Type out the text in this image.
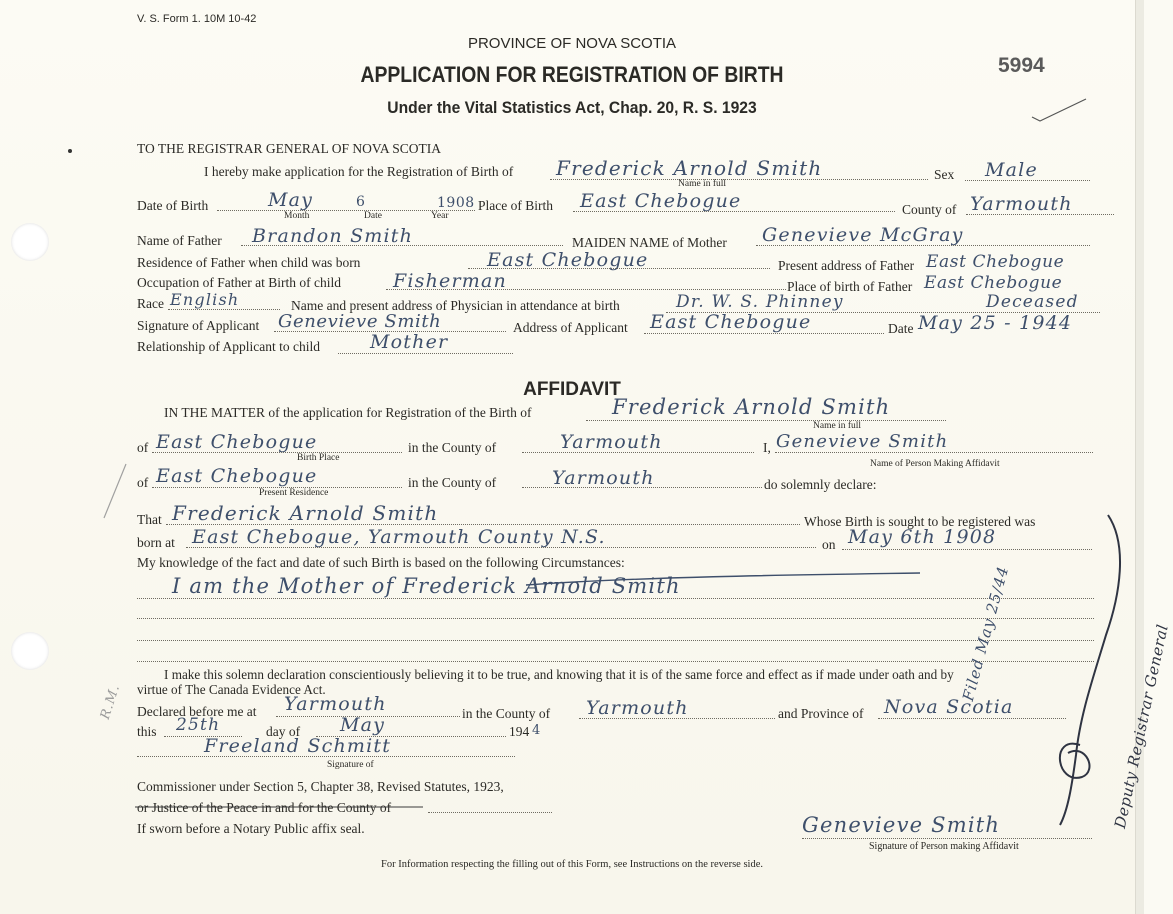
V. S. Form 1. 10M 10-42
PROVINCE OF NOVA SCOTIA
APPLICATION FOR REGISTRATION OF BIRTH
Under the Vital Statistics Act, Chap. 20, R. S. 1923
5994
TO THE REGISTRAR GENERAL OF NOVA SCOTIA
I hereby make application for the Registration of Birth of Frederick Arnold Smith
Name in full
Sex Male
Date of Birth	May	6	1908
Month	Date	Year
Place of Birth East Chebogue	County of Yarmouth
Name of Father Brandon Smith	MAIDEN NAME of Mother Genevieve McGray
Residence of Father when child was born	East Chebogue	Present address of Father East Chebogue
Occupation of Father at Birth of child	Fisherman	Place of birth of Father East Chebogue
Race English	Name and present address of Physician in attendance at birth	Dr. W. S. Phinney	Deceased
Signature of Applicant Genevieve Smith	Address of Applicant East Chebogue	Date May 25 - 1944
Relationship of Applicant to child	Mother
AFFIDAVIT
IN THE MATTER of the application for Registration of the Birth of	Frederick Arnold Smith
Name in full
of East Chebogue
Birth Place
in the County of	Yarmouth	I, Genevieve Smith
Name of Person Making Affidavit
of East Chebogue
Present Residence
in the County of	Yarmouth	do solemnly declare:
That Frederick Arnold Smith	Whose Birth is sought to be registered was
born at East Chebogue, Yarmouth County N.S.	on May 6th 1908
My knowledge of the fact and date of such Birth is based on the following Circumstances:
I am the Mother of Frederick Arnold Smith
I make this solemn declaration conscientiously believing it to be true, and knowing that it is of the same force and effect as if made under oath and by
virtue of The Canada Evidence Act.
Declared before me at Yarmouth	in the County of Yarmouth	and Province of Nova Scotia
this 25th	day of May	194 4
Freeland Schmitt
Signature of
Commissioner under Section 5, Chapter 38, Revised Statutes, 1923,
or Justice of the Peace in and for the County of
If sworn before a Notary Public affix seal.	Genevieve Smith
Signature of Person making Affidavit
For Information respecting the filling out of this Form, see Instructions on the reverse side.
Filed May 25/44	Deputy Registrar General
R.M.
